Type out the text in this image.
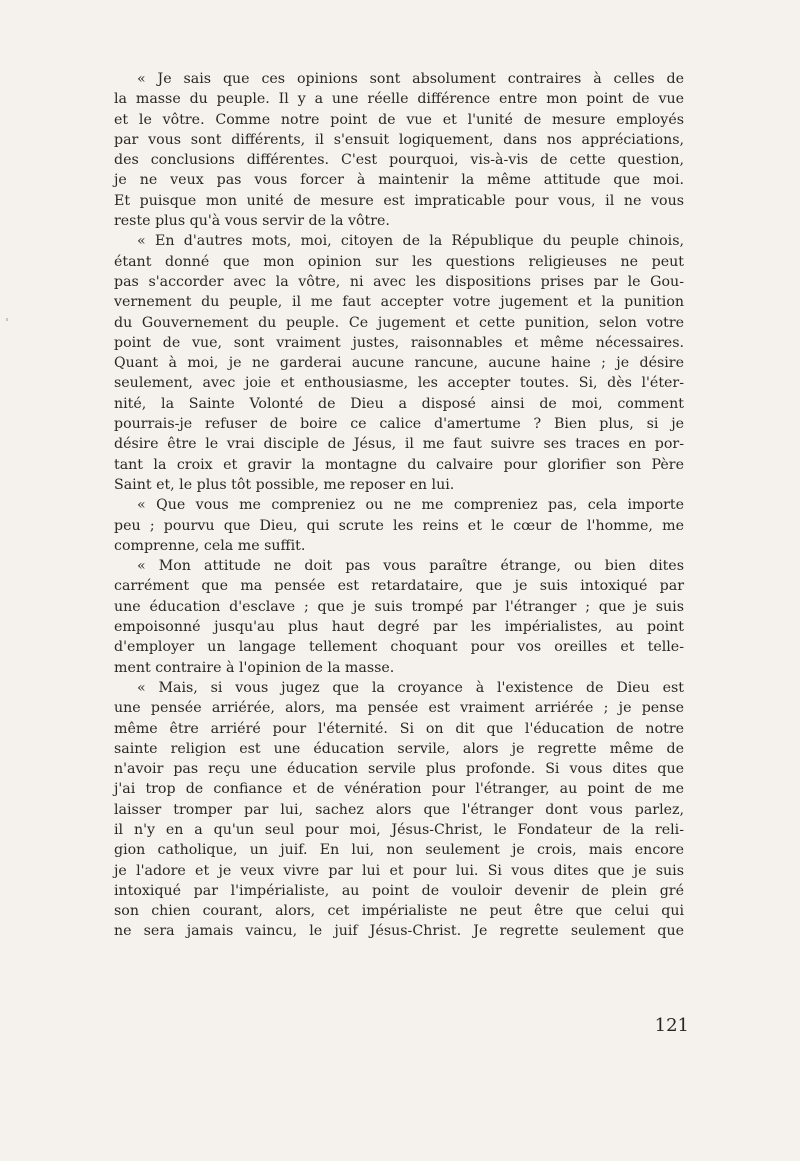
« Je sais que ces opinions sont absolument contraires à celles de
la masse du peuple. Il y a une réelle différence entre mon point de vue
et le vôtre. Comme notre point de vue et l'unité de mesure employés
par vous sont différents, il s'ensuit logiquement, dans nos appréciations,
des conclusions différentes. C'est pourquoi, vis-à-vis de cette question,
je ne veux pas vous forcer à maintenir la même attitude que moi.
Et puisque mon unité de mesure est impraticable pour vous, il ne vous
reste plus qu'à vous servir de la vôtre.
« En d'autres mots, moi, citoyen de la République du peuple chinois,
étant donné que mon opinion sur les questions religieuses ne peut
pas s'accorder avec la vôtre, ni avec les dispositions prises par le Gou-
vernement du peuple, il me faut accepter votre jugement et la punition
du Gouvernement du peuple. Ce jugement et cette punition, selon votre
point de vue, sont vraiment justes, raisonnables et même nécessaires.
Quant à moi, je ne garderai aucune rancune, aucune haine ; je désire
seulement, avec joie et enthousiasme, les accepter toutes. Si, dès l'éter-
nité, la Sainte Volonté de Dieu a disposé ainsi de moi, comment
pourrais-je refuser de boire ce calice d'amertume ? Bien plus, si je
désire être le vrai disciple de Jésus, il me faut suivre ses traces en por-
tant la croix et gravir la montagne du calvaire pour glorifier son Père
Saint et, le plus tôt possible, me reposer en lui.
« Que vous me compreniez ou ne me compreniez pas, cela importe
peu ; pourvu que Dieu, qui scrute les reins et le cœur de l'homme, me
comprenne, cela me suffit.
« Mon attitude ne doit pas vous paraître étrange, ou bien dites
carrément que ma pensée est retardataire, que je suis intoxiqué par
une éducation d'esclave ; que je suis trompé par l'étranger ; que je suis
empoisonné jusqu'au plus haut degré par les impérialistes, au point
d'employer un langage tellement choquant pour vos oreilles et telle-
ment contraire à l'opinion de la masse.
« Mais, si vous jugez que la croyance à l'existence de Dieu est
une pensée arriérée, alors, ma pensée est vraiment arriérée ; je pense
même être arriéré pour l'éternité. Si on dit que l'éducation de notre
sainte religion est une éducation servile, alors je regrette même de
n'avoir pas reçu une éducation servile plus profonde. Si vous dites que
j'ai trop de confiance et de vénération pour l'étranger, au point de me
laisser tromper par lui, sachez alors que l'étranger dont vous parlez,
il n'y en a qu'un seul pour moi, Jésus-Christ, le Fondateur de la reli-
gion catholique, un juif. En lui, non seulement je crois, mais encore
je l'adore et je veux vivre par lui et pour lui. Si vous dites que je suis
intoxiqué par l'impérialiste, au point de vouloir devenir de plein gré
son chien courant, alors, cet impérialiste ne peut être que celui qui
ne sera jamais vaincu, le juif Jésus-Christ. Je regrette seulement que
121
